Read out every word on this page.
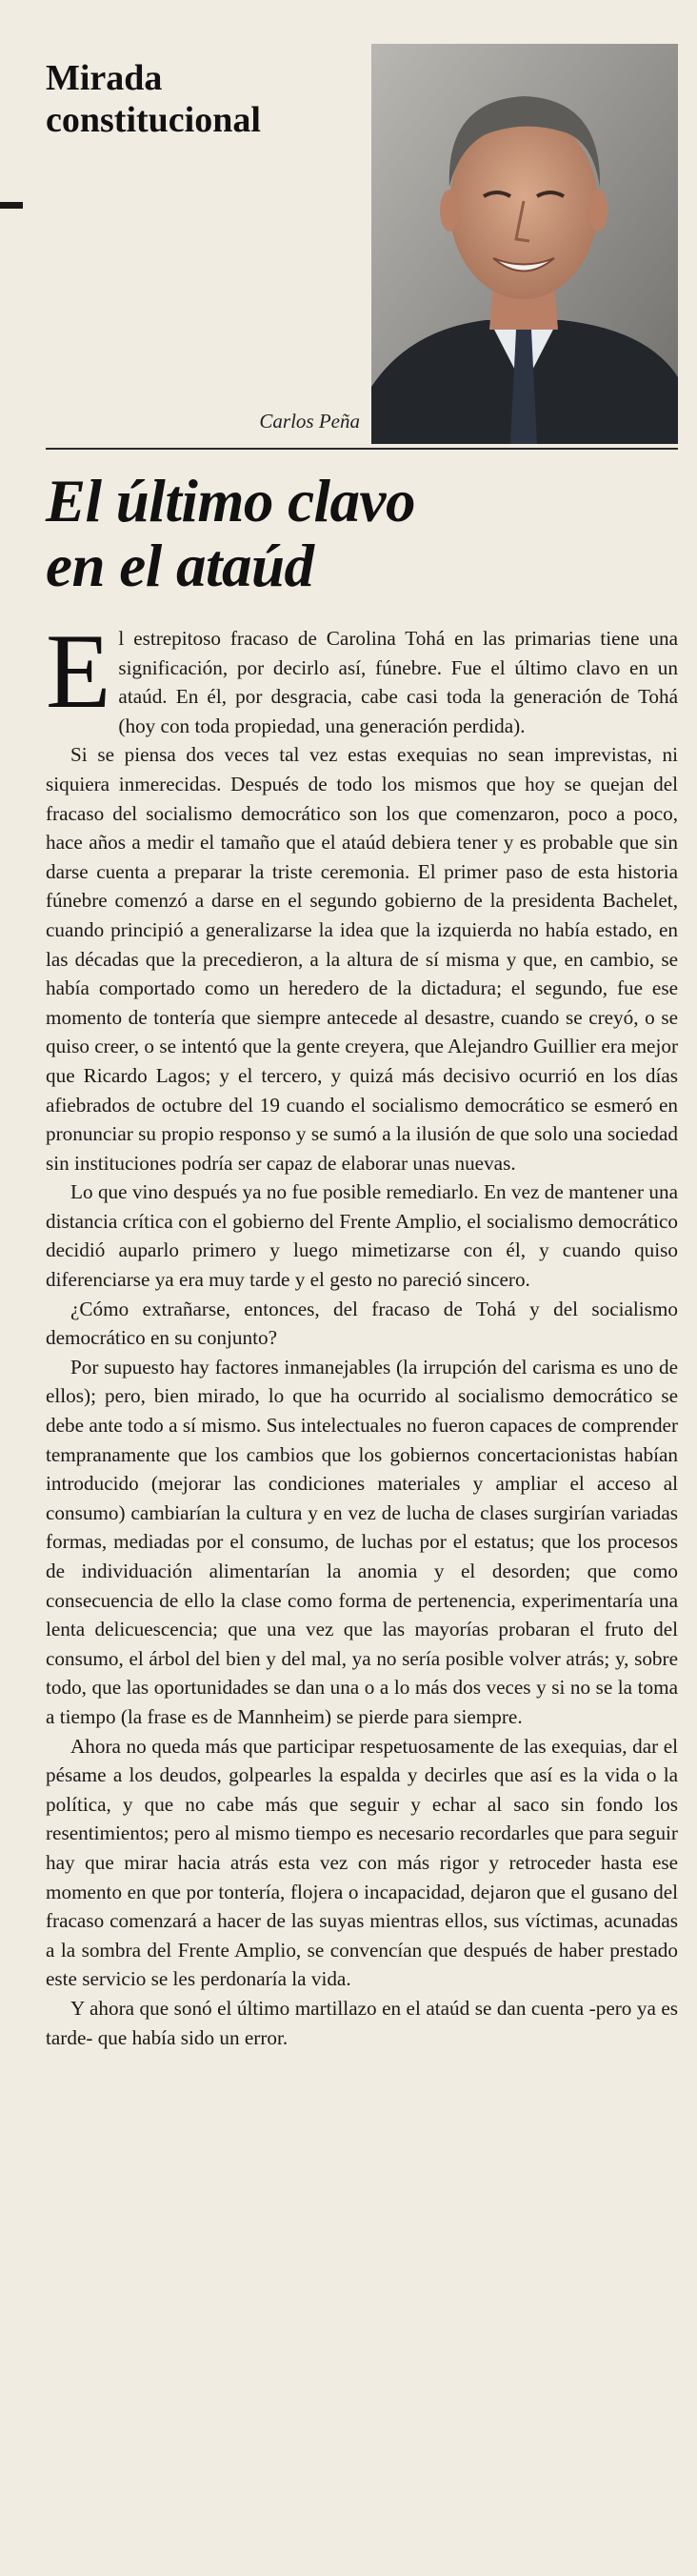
Mirada
constitucional
Carlos Peña
El último clavo
en el ataúd

El estrepitoso fracaso de Carolina Tohá en las primarias tiene una significación, por decirlo así, fúnebre. Fue el último clavo en un ataúd. En él, por desgracia, cabe casi toda la generación de Tohá (hoy con toda propiedad, una generación perdida).

Si se piensa dos veces tal vez estas exequias no sean imprevistas, ni siquiera inmerecidas. Después de todo los mismos que hoy se quejan del fracaso del socialismo democrático son los que comenzaron, poco a poco, hace años a medir el tamaño que el ataúd debiera tener y es probable que sin darse cuenta a preparar la triste ceremonia. El primer paso de esta historia fúnebre comenzó a darse en el segundo gobierno de la presidenta Bachelet, cuando principió a generalizarse la idea que la izquierda no había estado, en las décadas que la precedieron, a la altura de sí misma y que, en cambio, se había comportado como un heredero de la dictadura; el segundo, fue ese momento de tontería que siempre antecede al desastre, cuando se creyó, o se quiso creer, o se intentó que la gente creyera, que Alejandro Guillier era mejor que Ricardo Lagos; y el tercero, y quizá más decisivo ocurrió en los días afiebrados de octubre del 19 cuando el socialismo democrático se esmeró en pronunciar su propio responso y se sumó a la ilusión de que solo una sociedad sin instituciones podría ser capaz de elaborar unas nuevas.

Lo que vino después ya no fue posible remediarlo. En vez de mantener una distancia crítica con el gobierno del Frente Amplio, el socialismo democrático decidió auparlo primero y luego mimetizarse con él, y cuando quiso diferenciarse ya era muy tarde y el gesto no pareció sincero.

¿Cómo extrañarse, entonces, del fracaso de Tohá y del socialismo democrático en su conjunto?

Por supuesto hay factores inmanejables (la irrupción del carisma es uno de ellos); pero, bien mirado, lo que ha ocurrido al socialismo democrático se debe ante todo a sí mismo. Sus intelectuales no fueron capaces de comprender tempranamente que los cambios que los gobiernos concertacionistas habían introducido (mejorar las condiciones materiales y ampliar el acceso al consumo) cambiarían la cultura y en vez de lucha de clases surgirían variadas formas, mediadas por el consumo, de luchas por el estatus; que los procesos de individuación alimentarían la anomia y el desorden; que como consecuencia de ello la clase como forma de pertenencia, experimentaría una lenta delicuescencia; que una vez que las mayorías probaran el fruto del consumo, el árbol del bien y del mal, ya no sería posible volver atrás; y, sobre todo, que las oportunidades se dan una o a lo más dos veces y si no se la toma a tiempo (la frase es de Mannheim) se pierde para siempre.

Ahora no queda más que participar respetuosamente de las exequias, dar el pésame a los deudos, golpearles la espalda y decirles que así es la vida o la política, y que no cabe más que seguir y echar al saco sin fondo los resentimientos; pero al mismo tiempo es necesario recordarles que para seguir hay que mirar hacia atrás esta vez con más rigor y retroceder hasta ese momento en que por tontería, flojera o incapacidad, dejaron que el gusano del fracaso comenzará a hacer de las suyas mientras ellos, sus víctimas, acunadas a la sombra del Frente Amplio, se convencían que después de haber prestado este servicio se les perdonaría la vida.

Y ahora que sonó el último martillazo en el ataúd se dan cuenta -pero ya es tarde- que había sido un error.
